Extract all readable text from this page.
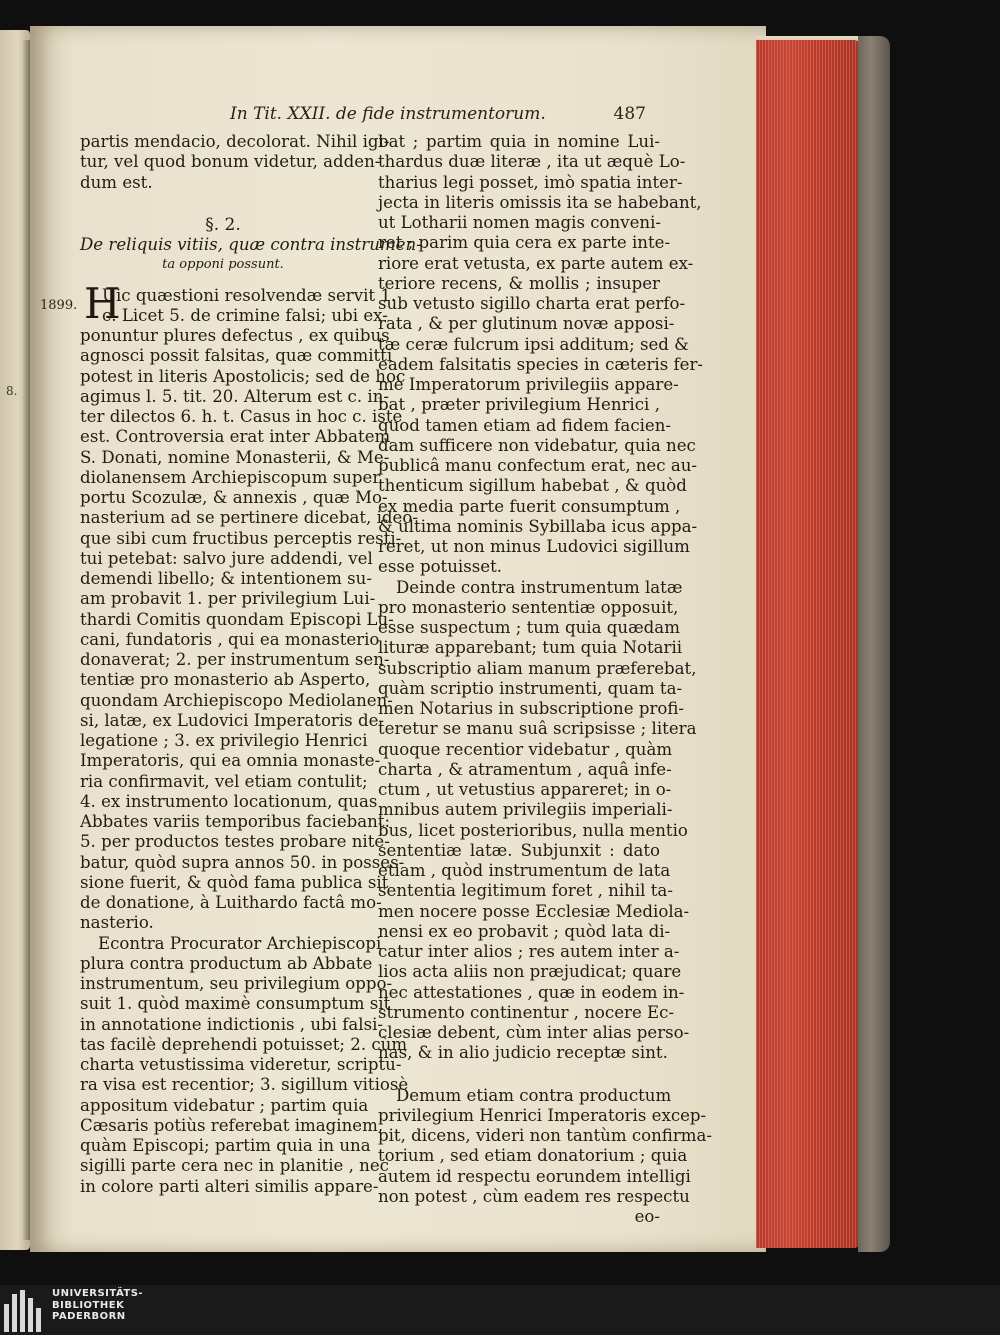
In Tit. XXII. de fide instrumentorum.	487
1899.
8.
partis mendacio, decolorat. Nihil igi-
tur, vel quod bonum videtur, adden-
dum est.
§. 2.
De reliquis vitiis, quæ contra instrumen-
ta opponi possunt.
Uic quæstioni resolvendæ servit 1.
c. Licet 5. de crimine falsi; ubi ex-
ponuntur plures defectus , ex quibus
agnosci possit falsitas, quæ committi
potest in literis Apostolicis; sed de hoc
agimus l. 5. tit. 20. Alterum est c. in-
ter dilectos 6. h. t. Casus in hoc c. iste
est. Controversia erat inter Abbatem
S. Donati, nomine Monasterii, & Me-
diolanensem Archiepiscopum super
portu Scozulæ, & annexis , quæ Mo-
nasterium ad se pertinere dicebat, ideò-
que sibi cum fructibus perceptis resti-
tui petebat: salvo jure addendi, vel
demendi libello; & intentionem su-
am probavit 1. per privilegium Lui-
thardi Comitis quondam Episcopi Lu-
cani, fundatoris , qui ea monasterio
donaverat; 2. per instrumentum sen-
tentiæ pro monasterio ab Asperto,
quondam Archiepiscopo Mediolanen-
si, latæ, ex Ludovici Imperatoris de-
legatione ; 3. ex privilegio Henrici
Imperatoris, qui ea omnia monaste-
ria confirmavit, vel etiam contulit;
4. ex instrumento locationum, quas
Abbates variis temporibus faciebant:
5. per productos testes probare nite-
batur, quòd supra annos 50. in posses-
sione fuerit, & quòd fama publica sit
de donatione, à Luithardo factâ mo-
nasterio.
Econtra Procurator Archiepiscopi
plura contra productum ab Abbate
instrumentum, seu privilegium oppo-
suit 1. quòd maximè consumptum sit
in annotatione indictionis , ubi falsi-
tas facilè deprehendi potuisset; 2. cùm
charta vetustissima videretur, scriptu-
ra visa est recentior; 3. sigillum vitiosè
appositum videbatur ; partim quia
Cæsaris potiùs referebat imaginem,
quàm Episcopi; partim quia in una
sigilli parte cera nec in planitie , nec
in colore parti alteri similis appare-
H
bat ; partim quia in nomine Lui-
thardus duæ literæ , ita ut æquè Lo-
tharius legi posset, imò spatia inter-
jecta in literis omissis ita se habebant,
ut Lotharii nomen magis conveni-
ret ; parim quia cera ex parte inte-
riore erat vetusta, ex parte autem ex-
teriore recens, & mollis ; insuper
sub vetusto sigillo charta erat perfo-
rata , & per glutinum novæ apposi-
tæ ceræ fulcrum ipsi additum; sed &
eadem falsitatis species in cæteris fer-
mè Imperatorum privilegiis appare-
bat , præter privilegium Henrici ,
quod tamen etiam ad fidem facien-
dam sufficere non videbatur, quia nec
publicâ manu confectum erat, nec au-
thenticum sigillum habebat , & quòd
ex media parte fuerit consumptum ,
& ultima nominis Sybillaba icus appa-
reret, ut non minus Ludovici sigillum
esse potuisset.
Deinde contra instrumentum latæ
pro monasterio sententiæ opposuit,
esse suspectum ; tum quia quædam
lituræ apparebant; tum quia Notarii
subscriptio aliam manum præferebat,
quàm scriptio instrumenti, quam ta-
men Notarius in subscriptione profi-
teretur se manu suâ scripsisse ; litera
quoque recentior videbatur , quàm
charta , & atramentum , aquâ infe-
ctum , ut vetustius appareret; in o-
mnibus autem privilegiis imperiali-
bus, licet posterioribus, nulla mentio
sententiæ latæ. Subjunxit : dato
etiam , quòd instrumentum de lata
sententia legitimum foret , nihil ta-
men nocere posse Ecclesiæ Mediola-
nensi ex eo probavit ; quòd lata di-
catur inter alios ; res autem inter a-
lios acta aliis non præjudicat; quare
nec attestationes , quæ in eodem in-
strumento continentur , nocere Ec-
clesiæ debent, cùm inter alias perso-
nas, & in alio judicio receptæ sint.
Demum etiam contra productum
privilegium Henrici Imperatoris excep-
pit, dicens, videri non tantùm confirma-
torium , sed etiam donatorium ; quia
autem id respectu eorundem intelligi
non potest , cùm eadem res respectu
eo-
UNIVERSITÄTS-
BIBLIOTHEK
PADERBORN
